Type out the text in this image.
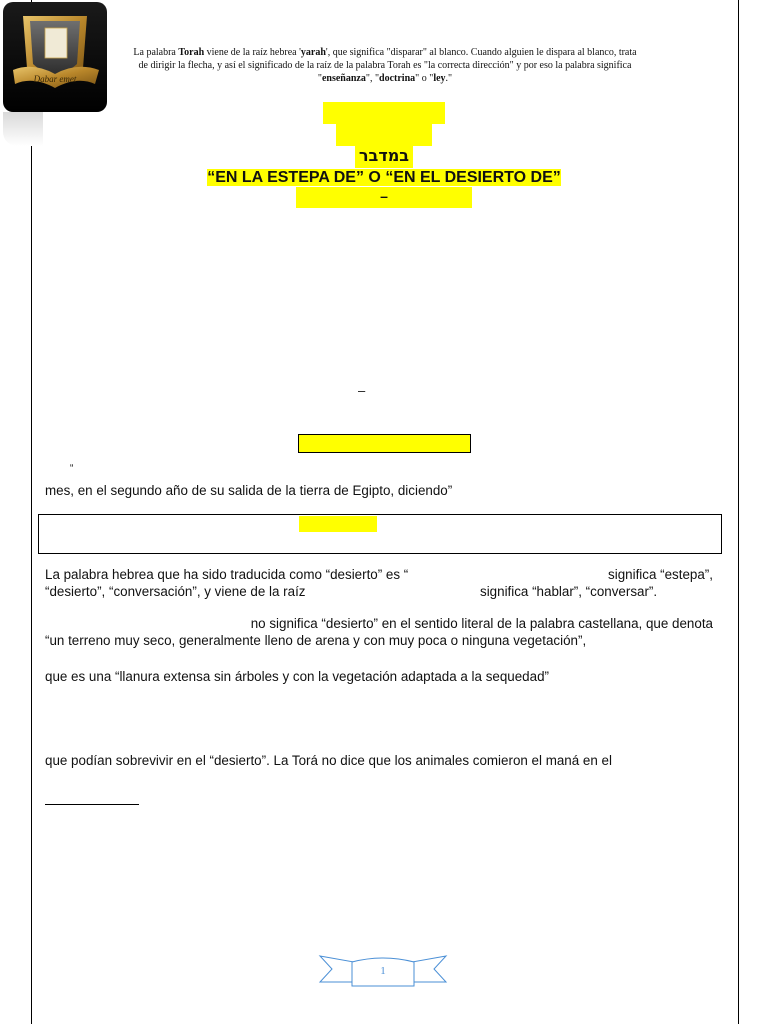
Dabar emet
La palabra Torah viene de la raíz hebrea 'yarah', que significa "disparar" al blanco. Cuando alguien le dispara al blanco, trata de dirigir la flecha, y así el significado de la raíz de la palabra Torah es "la correcta dirección" y por eso la palabra significa "enseñanza", "doctrina" o "ley."
במדבר
“EN LA ESTEPA DE” O “EN EL DESIERTO DE”
–
–
“
mes, en el segundo año de su salida de la tierra de Egipto, diciendo”
La palabra hebrea que ha sido traducida como “desierto” es “	significa “estepa”,
“desierto”, “conversación”, y viene de la raíz	significa “hablar”, “conversar”.
no significa “desierto” en el sentido literal de la palabra castellana, que denota
“un terreno muy seco, generalmente lleno de arena y con muy poca o ninguna vegetación”,
que es una “llanura extensa sin árboles y con la vegetación adaptada a la sequedad”
que podían sobrevivir en el “desierto”. La Torá no dice que los animales comieron el maná en el
1
